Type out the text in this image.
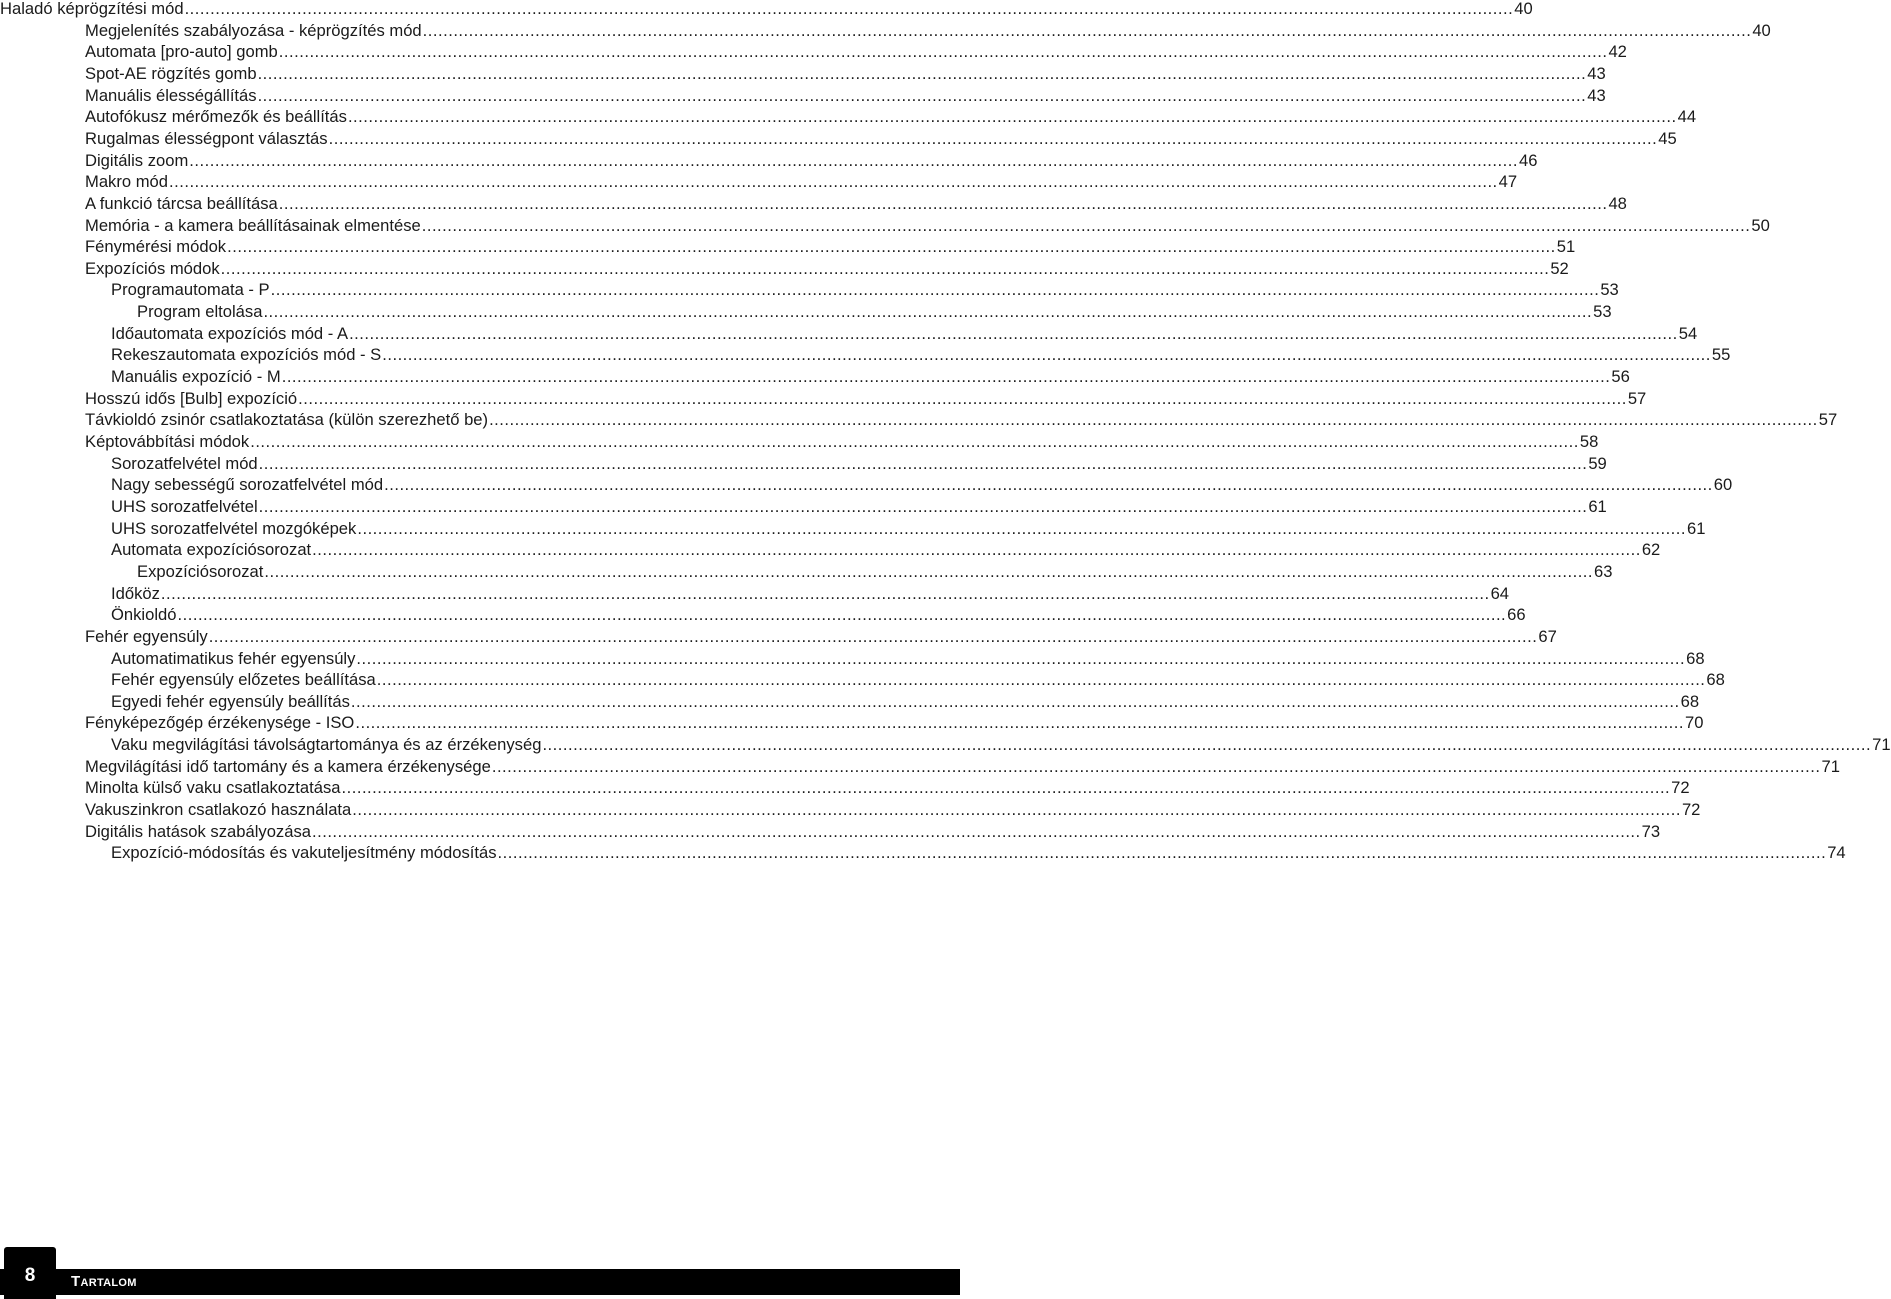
Haladó képrögzítési mód .................................................................................................................................................................................................................................................................... 40
Megjelenítés szabályozása - képrögzítés mód .................................................................................................................................................................................................................................................................... 40
Automata [pro-auto] gomb .................................................................................................................................................................................................................................................................... 42
Spot-AE rögzítés gomb .................................................................................................................................................................................................................................................................... 43
Manuális élességállítás .................................................................................................................................................................................................................................................................... 43
Autofókusz mérőmezők és beállítás .................................................................................................................................................................................................................................................................... 44
Rugalmas élességpont választás .................................................................................................................................................................................................................................................................... 45
Digitális zoom .................................................................................................................................................................................................................................................................... 46
Makro mód .................................................................................................................................................................................................................................................................... 47
A funkció tárcsa beállítása .................................................................................................................................................................................................................................................................... 48
Memória - a kamera beállításainak elmentése .................................................................................................................................................................................................................................................................... 50
Fénymérési módok .................................................................................................................................................................................................................................................................... 51
Expozíciós módok .................................................................................................................................................................................................................................................................... 52
Programautomata - P .................................................................................................................................................................................................................................................................... 53
Program eltolása .................................................................................................................................................................................................................................................................... 53
Időautomata expozíciós mód - A .................................................................................................................................................................................................................................................................... 54
Rekeszautomata expozíciós mód - S .................................................................................................................................................................................................................................................................... 55
Manuális expozíció - M .................................................................................................................................................................................................................................................................... 56
Hosszú idős [Bulb] expozíció .................................................................................................................................................................................................................................................................... 57
Távkioldó zsinór csatlakoztatása (külön szerezhető be) .................................................................................................................................................................................................................................................................... 57
Képtovábbítási módok .................................................................................................................................................................................................................................................................... 58
Sorozatfelvétel mód .................................................................................................................................................................................................................................................................... 59
Nagy sebességű sorozatfelvétel mód .................................................................................................................................................................................................................................................................... 60
UHS sorozatfelvétel .................................................................................................................................................................................................................................................................... 61
UHS sorozatfelvétel mozgóképek .................................................................................................................................................................................................................................................................... 61
Automata expozíciósorozat .................................................................................................................................................................................................................................................................... 62
Expozíciósorozat .................................................................................................................................................................................................................................................................... 63
Időköz .................................................................................................................................................................................................................................................................... 64
Önkioldó .................................................................................................................................................................................................................................................................... 66
Fehér egyensúly .................................................................................................................................................................................................................................................................... 67
Automatimatikus fehér egyensúly .................................................................................................................................................................................................................................................................... 68
Fehér egyensúly előzetes beállítása .................................................................................................................................................................................................................................................................... 68
Egyedi fehér egyensúly beállítás .................................................................................................................................................................................................................................................................... 68
Fényképezőgép érzékenysége - ISO .................................................................................................................................................................................................................................................................... 70
Vaku megvilágítási távolságtartománya és az érzékenység .................................................................................................................................................................................................................................................................... 71
Megvilágítási idő tartomány és a kamera érzékenysége .................................................................................................................................................................................................................................................................... 71
Minolta külső vaku csatlakoztatása .................................................................................................................................................................................................................................................................... 72
Vakuszinkron csatlakozó használata .................................................................................................................................................................................................................................................................... 72
Digitális hatások szabályozása .................................................................................................................................................................................................................................................................... 73
Expozíció-módosítás és vakuteljesítmény módosítás .................................................................................................................................................................................................................................................................... 74
8	Tartalom
